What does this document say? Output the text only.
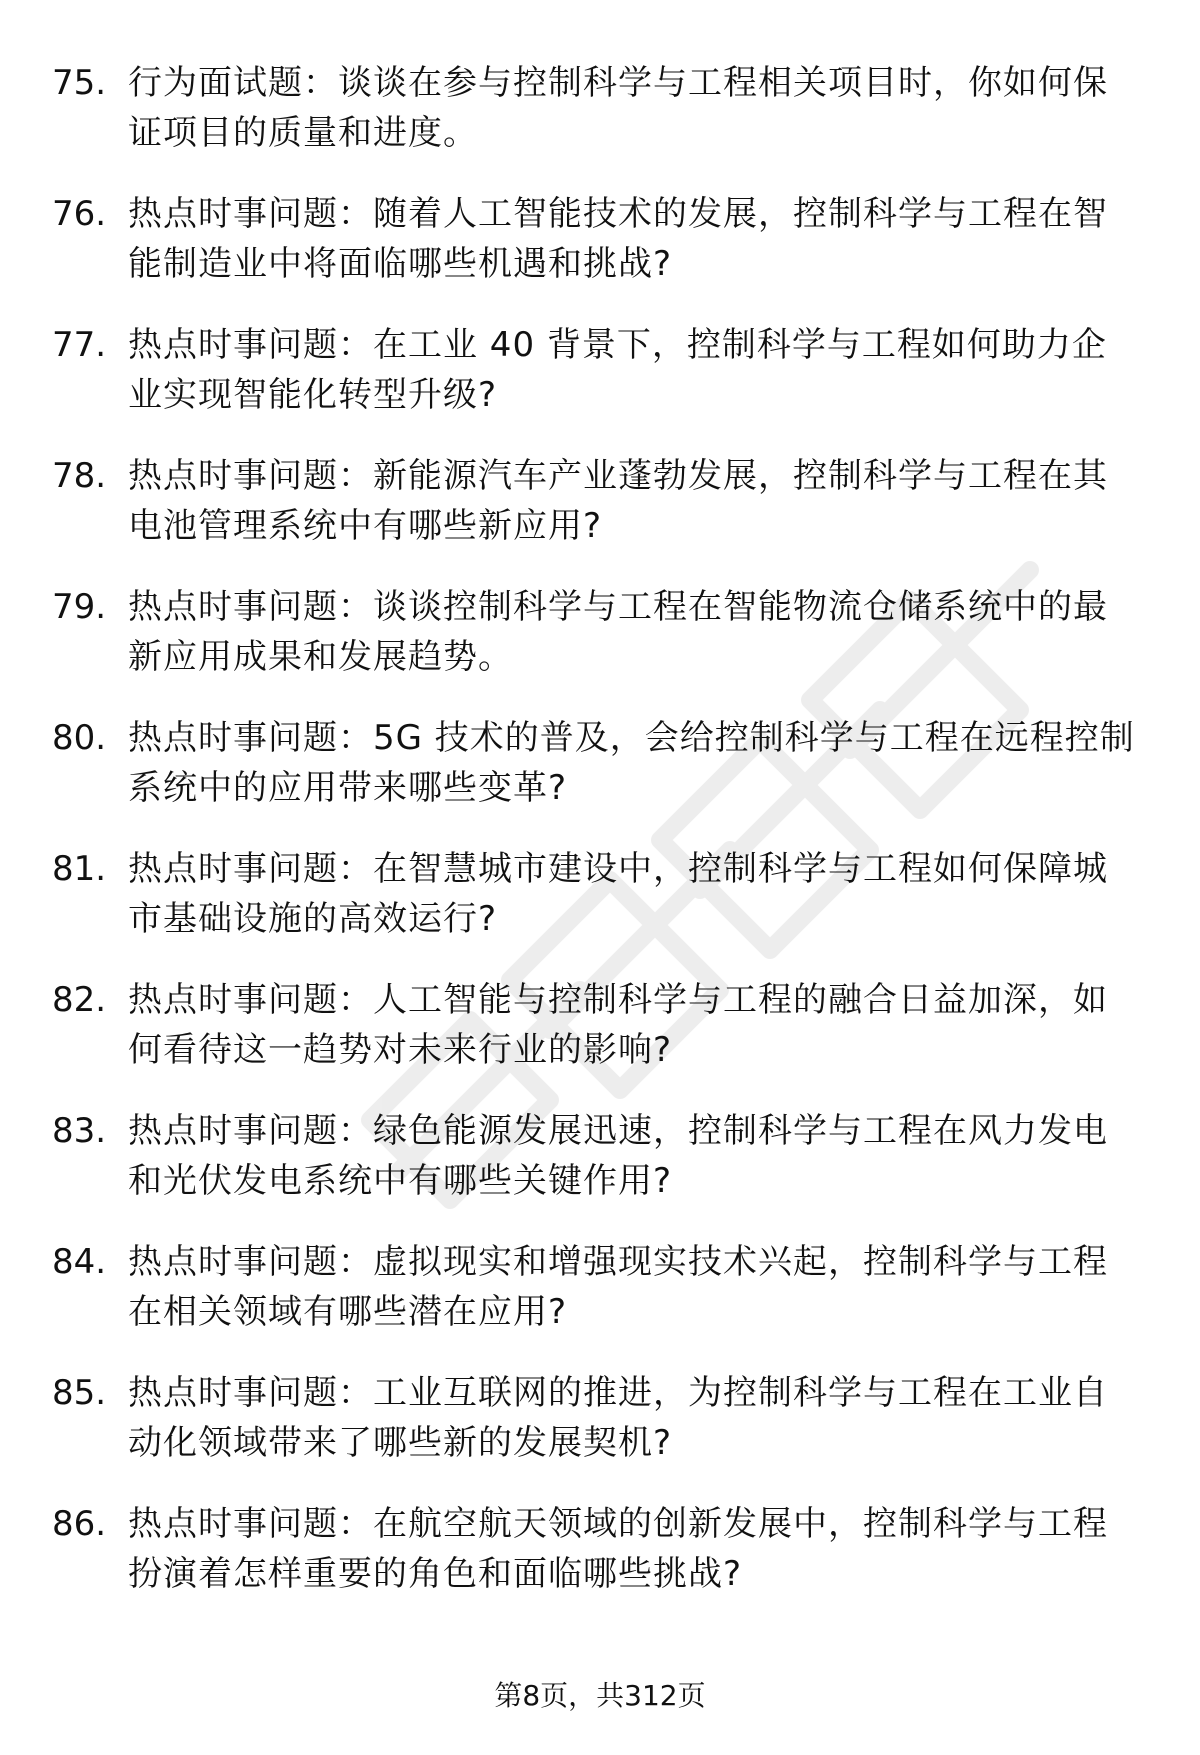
75. 行为面试题：谈谈在参与控制科学与工程相关项目时，你如何保证项目的质量和进度。
76. 热点时事问题：随着人工智能技术的发展，控制科学与工程在智能制造业中将面临哪些机遇和挑战?
77. 热点时事问题：在工业 40 背景下，控制科学与工程如何助力企业实现智能化转型升级?
78. 热点时事问题：新能源汽车产业蓬勃发展，控制科学与工程在其电池管理系统中有哪些新应用?
79. 热点时事问题：谈谈控制科学与工程在智能物流仓储系统中的最新应用成果和发展趋势。
80. 热点时事问题：5G 技术的普及，会给控制科学与工程在远程控制系统中的应用带来哪些变革?
81. 热点时事问题：在智慧城市建设中，控制科学与工程如何保障城市基础设施的高效运行?
82. 热点时事问题：人工智能与控制科学与工程的融合日益加深，如何看待这一趋势对未来行业的影响?
83. 热点时事问题：绿色能源发展迅速，控制科学与工程在风力发电和光伏发电系统中有哪些关键作用?
84. 热点时事问题：虚拟现实和增强现实技术兴起，控制科学与工程在相关领域有哪些潜在应用?
85. 热点时事问题：工业互联网的推进，为控制科学与工程在工业自动化领域带来了哪些新的发展契机?
86. 热点时事问题：在航空航天领域的创新发展中，控制科学与工程扮演着怎样重要的角色和面临哪些挑战?
第8页，共312页
